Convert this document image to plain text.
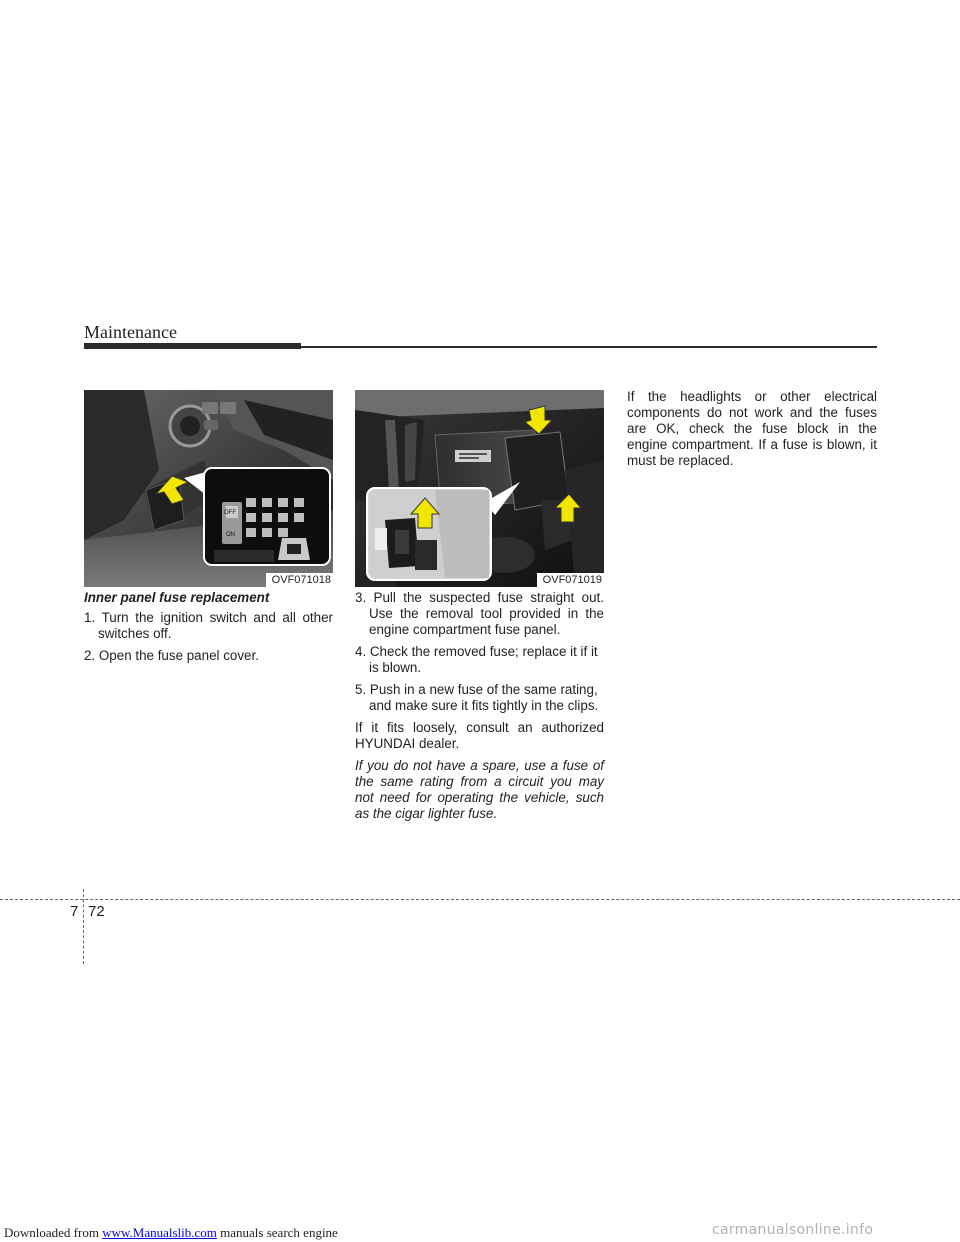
Maintenance
OFF
ON
OVF071018	OVF071019

Inner panel fuse replacement

1. Turn the ignition switch and all other switches off.

2. Open the fuse panel cover.

3. Pull the suspected fuse straight out. Use the removal tool provided in the engine compartment fuse panel.

4. Check the removed fuse; replace it if it is blown.

5. Push in a new fuse of the same rating, and make sure it fits tightly in the clips.

If it fits loosely, consult an authorized HYUNDAI dealer.

If you do not have a spare, use a fuse of the same rating from a circuit you may not need for operating the vehicle, such as the cigar lighter fuse.

If the headlights or other electrical components do not work and the fuses are OK, check the fuse block in the engine compartment. If a fuse is blown, it must be replaced.

7 72
Downloaded from www.Manualslib.com manuals search engine	carmanualsonline.info
